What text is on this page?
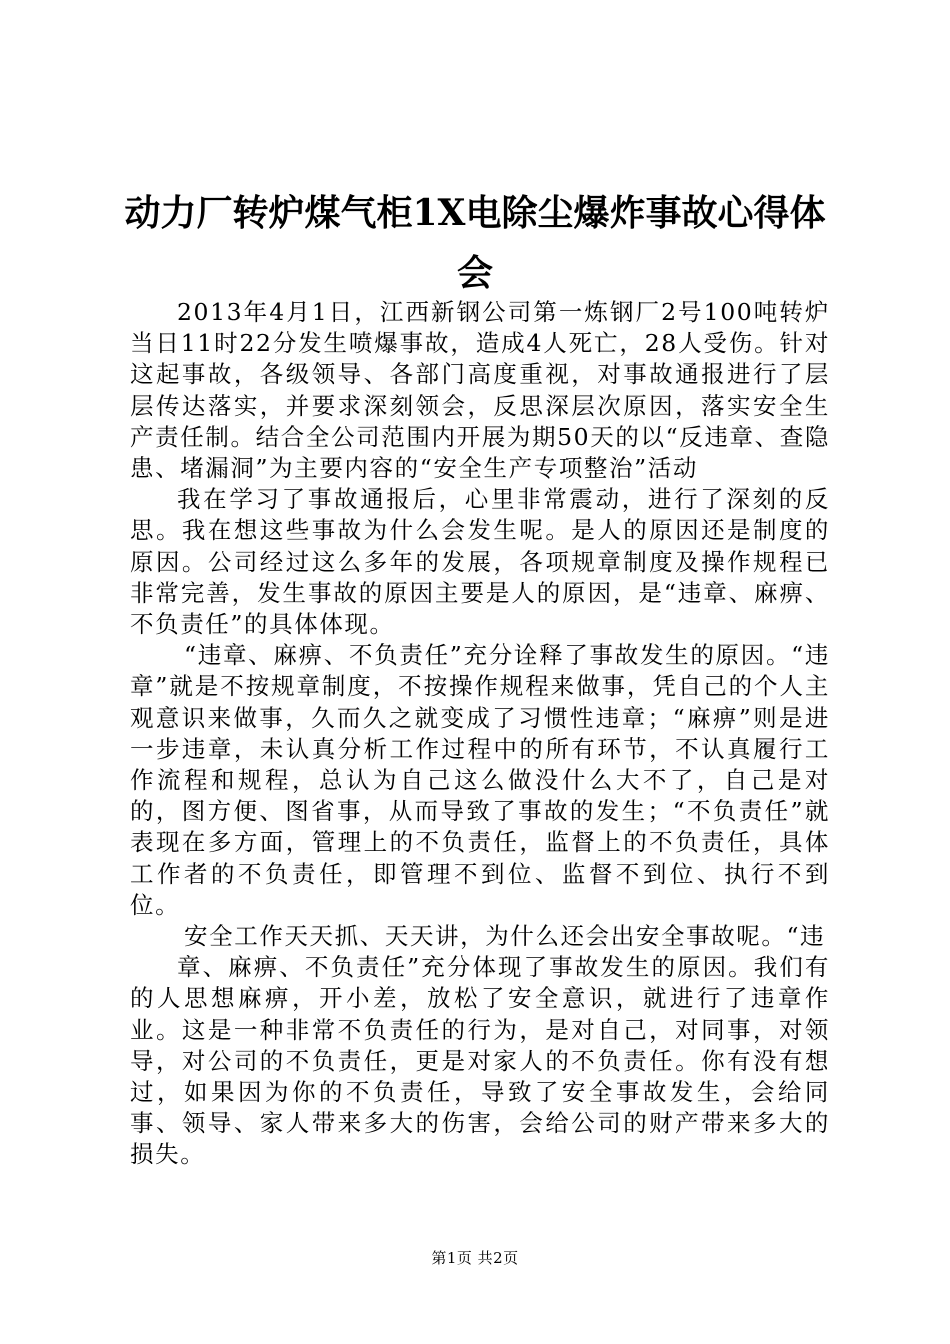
动力厂转炉煤气柜1X电除尘爆炸事故心得体会

2013年4月1日，江西新钢公司第一炼钢厂2号100吨转炉当日11时22分发生喷爆事故，造成4人死亡，28人受伤。针对这起事故，各级领导、各部门高度重视，对事故通报进行了层层传达落实，并要求深刻领会，反思深层次原因，落实安全生产责任制。结合全公司范围内开展为期50天的以“反违章、查隐患、堵漏洞”为主要内容的“安全生产专项整治”活动

我在学习了事故通报后，心里非常震动，进行了深刻的反思。我在想这些事故为什么会发生呢。是人的原因还是制度的原因。公司经过这么多年的发展，各项规章制度及操作规程已非常完善，发生事故的原因主要是人的原因，是“违章、麻痹、不负责任”的具体体现。

“违章、麻痹、不负责任”充分诠释了事故发生的原因。“违章”就是不按规章制度，不按操作规程来做事，凭自己的个人主观意识来做事，久而久之就变成了习惯性违章；“麻痹”则是进一步违章，未认真分析工作过程中的所有环节，不认真履行工作流程和规程，总认为自己这么做没什么大不了，自己是对的，图方便、图省事，从而导致了事故的发生；“不负责任”就表现在多方面，管理上的不负责任，监督上的不负责任，具体工作者的不负责任，即管理不到位、监督不到位、执行不到位。

安全工作天天抓、天天讲，为什么还会出安全事故呢。“违

章、麻痹、不负责任”充分体现了事故发生的原因。我们有的人思想麻痹，开小差，放松了安全意识，就进行了违章作业。这是一种非常不负责任的行为，是对自己，对同事，对领导，对公司的不负责任，更是对家人的不负责任。你有没有想过，如果因为你的不负责任，导致了安全事故发生，会给同事、领导、家人带来多大的伤害，会给公司的财产带来多大的损失。

第1页 共2页
